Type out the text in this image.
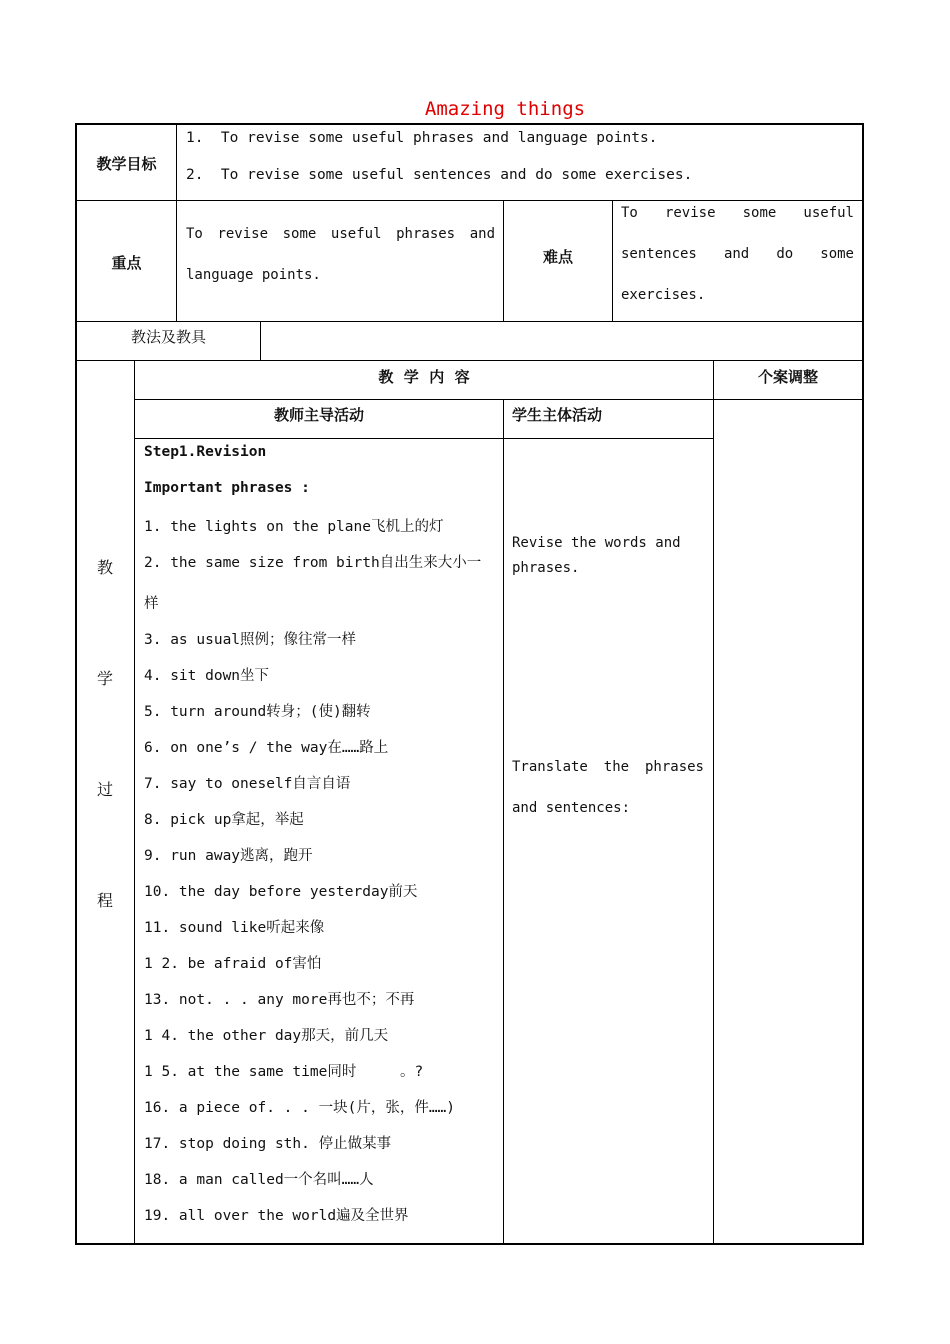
Amazing things
教学目标
1.  To revise some useful phrases and language points.
2.  To revise some useful sentences and do some exercises.
重点
To revise some useful phrases and
language points.
难点
To revise some useful
sentences and do some
exercises.
教法及教具
教
学
过
程
教  学  内  容	个案调整
教师主导活动	学生主体活动
Step1.Revision
Important phrases :
1. the lights on the plane飞机上的灯
2. the same size from birth自出生来大小一
样
3. as usual照例；像往常一样
4. sit down坐下
5. turn around转身；(使)翻转
6. on one’s / the way在……路上
7. say to oneself自言自语
8. pick up拿起，举起
9. run away逃离，跑开
10. the day before yesterday前天
11. sound like听起来像
1 2. be afraid of害怕
13. not. . . any more再也不；不再
1 4. the other day那天，前几天
1 5. at the same time同时     。?
16. a piece of. . . 一块(片，张，件……)
17. stop doing sth. 停止做某事
18. a man called一个名叫……人
19. all over the world遍及全世界
Revise the words and
phrases.
Translate the phrases
and sentences:
